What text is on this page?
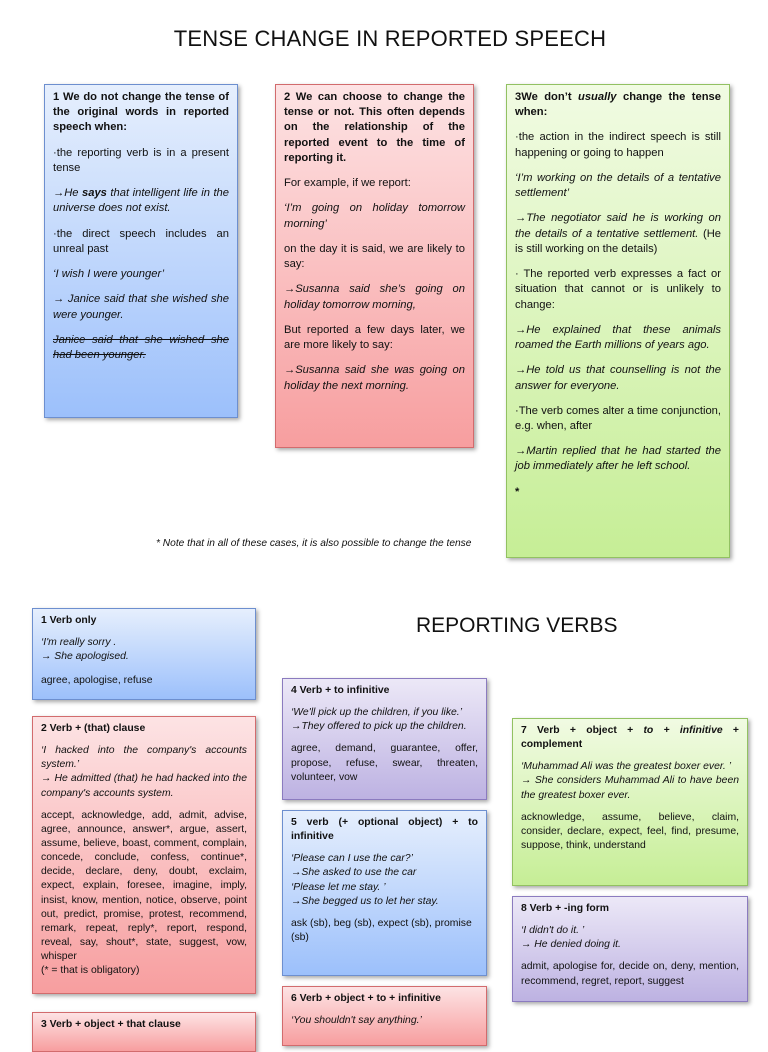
TENSE CHANGE IN REPORTED SPEECH

1 We do not change the tense of the original words in reported speech when:

·the reporting verb is in a present tense

→He says that intelligent life in the universe does not exist.

·the direct speech includes an unreal past

‘I wish I were younger’

→ Janice said that she wished she were younger.

Janice said that she wished she had been younger.

2 We can choose to change the tense or not. This often depends on the relationship of the reported event to the time of reporting it.

For example, if we report:

‘I’m going on holiday tomorrow morning’

on the day it is said, we are likely to say:

→Susanna said she’s going on holiday tomorrow morning,

But reported a few days later, we are more likely to say:

→Susanna said she was going on holiday the next morning.

3We don’t usually change the tense when:

·the action in the indirect speech is still happening or going to happen

‘I’m working on the details of a tentative settlement’

→The negotiator said he is working on the details of a tentative settlement. (He is still working on the details)

· The reported verb expresses a fact or situation that cannot or is unlikely to change:

→He explained that these animals roamed the Earth millions of years ago.

→He told us that counselling is not the answer for everyone.

·The verb comes alter a time conjunction, e.g. when, after

→Martin replied that he had started the job immediately after he left school.

*

* Note that in all of these cases, it is also possible to change the tense
REPORTING VERBS

1 Verb only

‘I'm really sorry .
→ She apologised.

agree, apologise, refuse

2 Verb + (that) clause

‘I hacked into the company's accounts system.’
→ He admitted (that) he had hacked into the company's accounts system.

accept, acknowledge, add, admit, advise, agree, announce, answer*, argue, assert, assume, believe, boast, comment, complain, concede, conclude, confess, continue*, decide, declare, deny, doubt, exclaim, expect, explain, foresee, imagine, imply, insist, know, mention, notice, observe, point out, predict, promise, protest, recommend, remark, repeat, reply*, report, respond, reveal, say, shout*, state, suggest, vow, whisper
(* = that is obligatory)

3 Verb + object + that clause

4 Verb + to infinitive

‘We'll pick up the children, if you like.’
→They offered to pick up the children.

agree, demand, guarantee, offer, propose, refuse, swear, threaten, volunteer, vow

5 verb (+ optional object) + to infinitive

‘Please can I use the car?’
→She asked to use the car
‘Please let me stay. ’
→She begged us to let her stay.

ask (sb), beg (sb), expect (sb), promise (sb)

6 Verb + object + to + infinitive

‘You shouldn't say anything.’

7 Verb + object + to + infinitive + complement

‘Muhammad Ali was the greatest boxer ever. ’
→ She considers Muhammad Ali to have been the greatest boxer ever.

acknowledge, assume, believe, claim, consider, declare, expect, feel, find, presume, suppose, think, understand

8 Verb + -ing form

‘I didn't do it. ’
→ He denied doing it.

admit, apologise for, decide on, deny, mention, recommend, regret, report, suggest
